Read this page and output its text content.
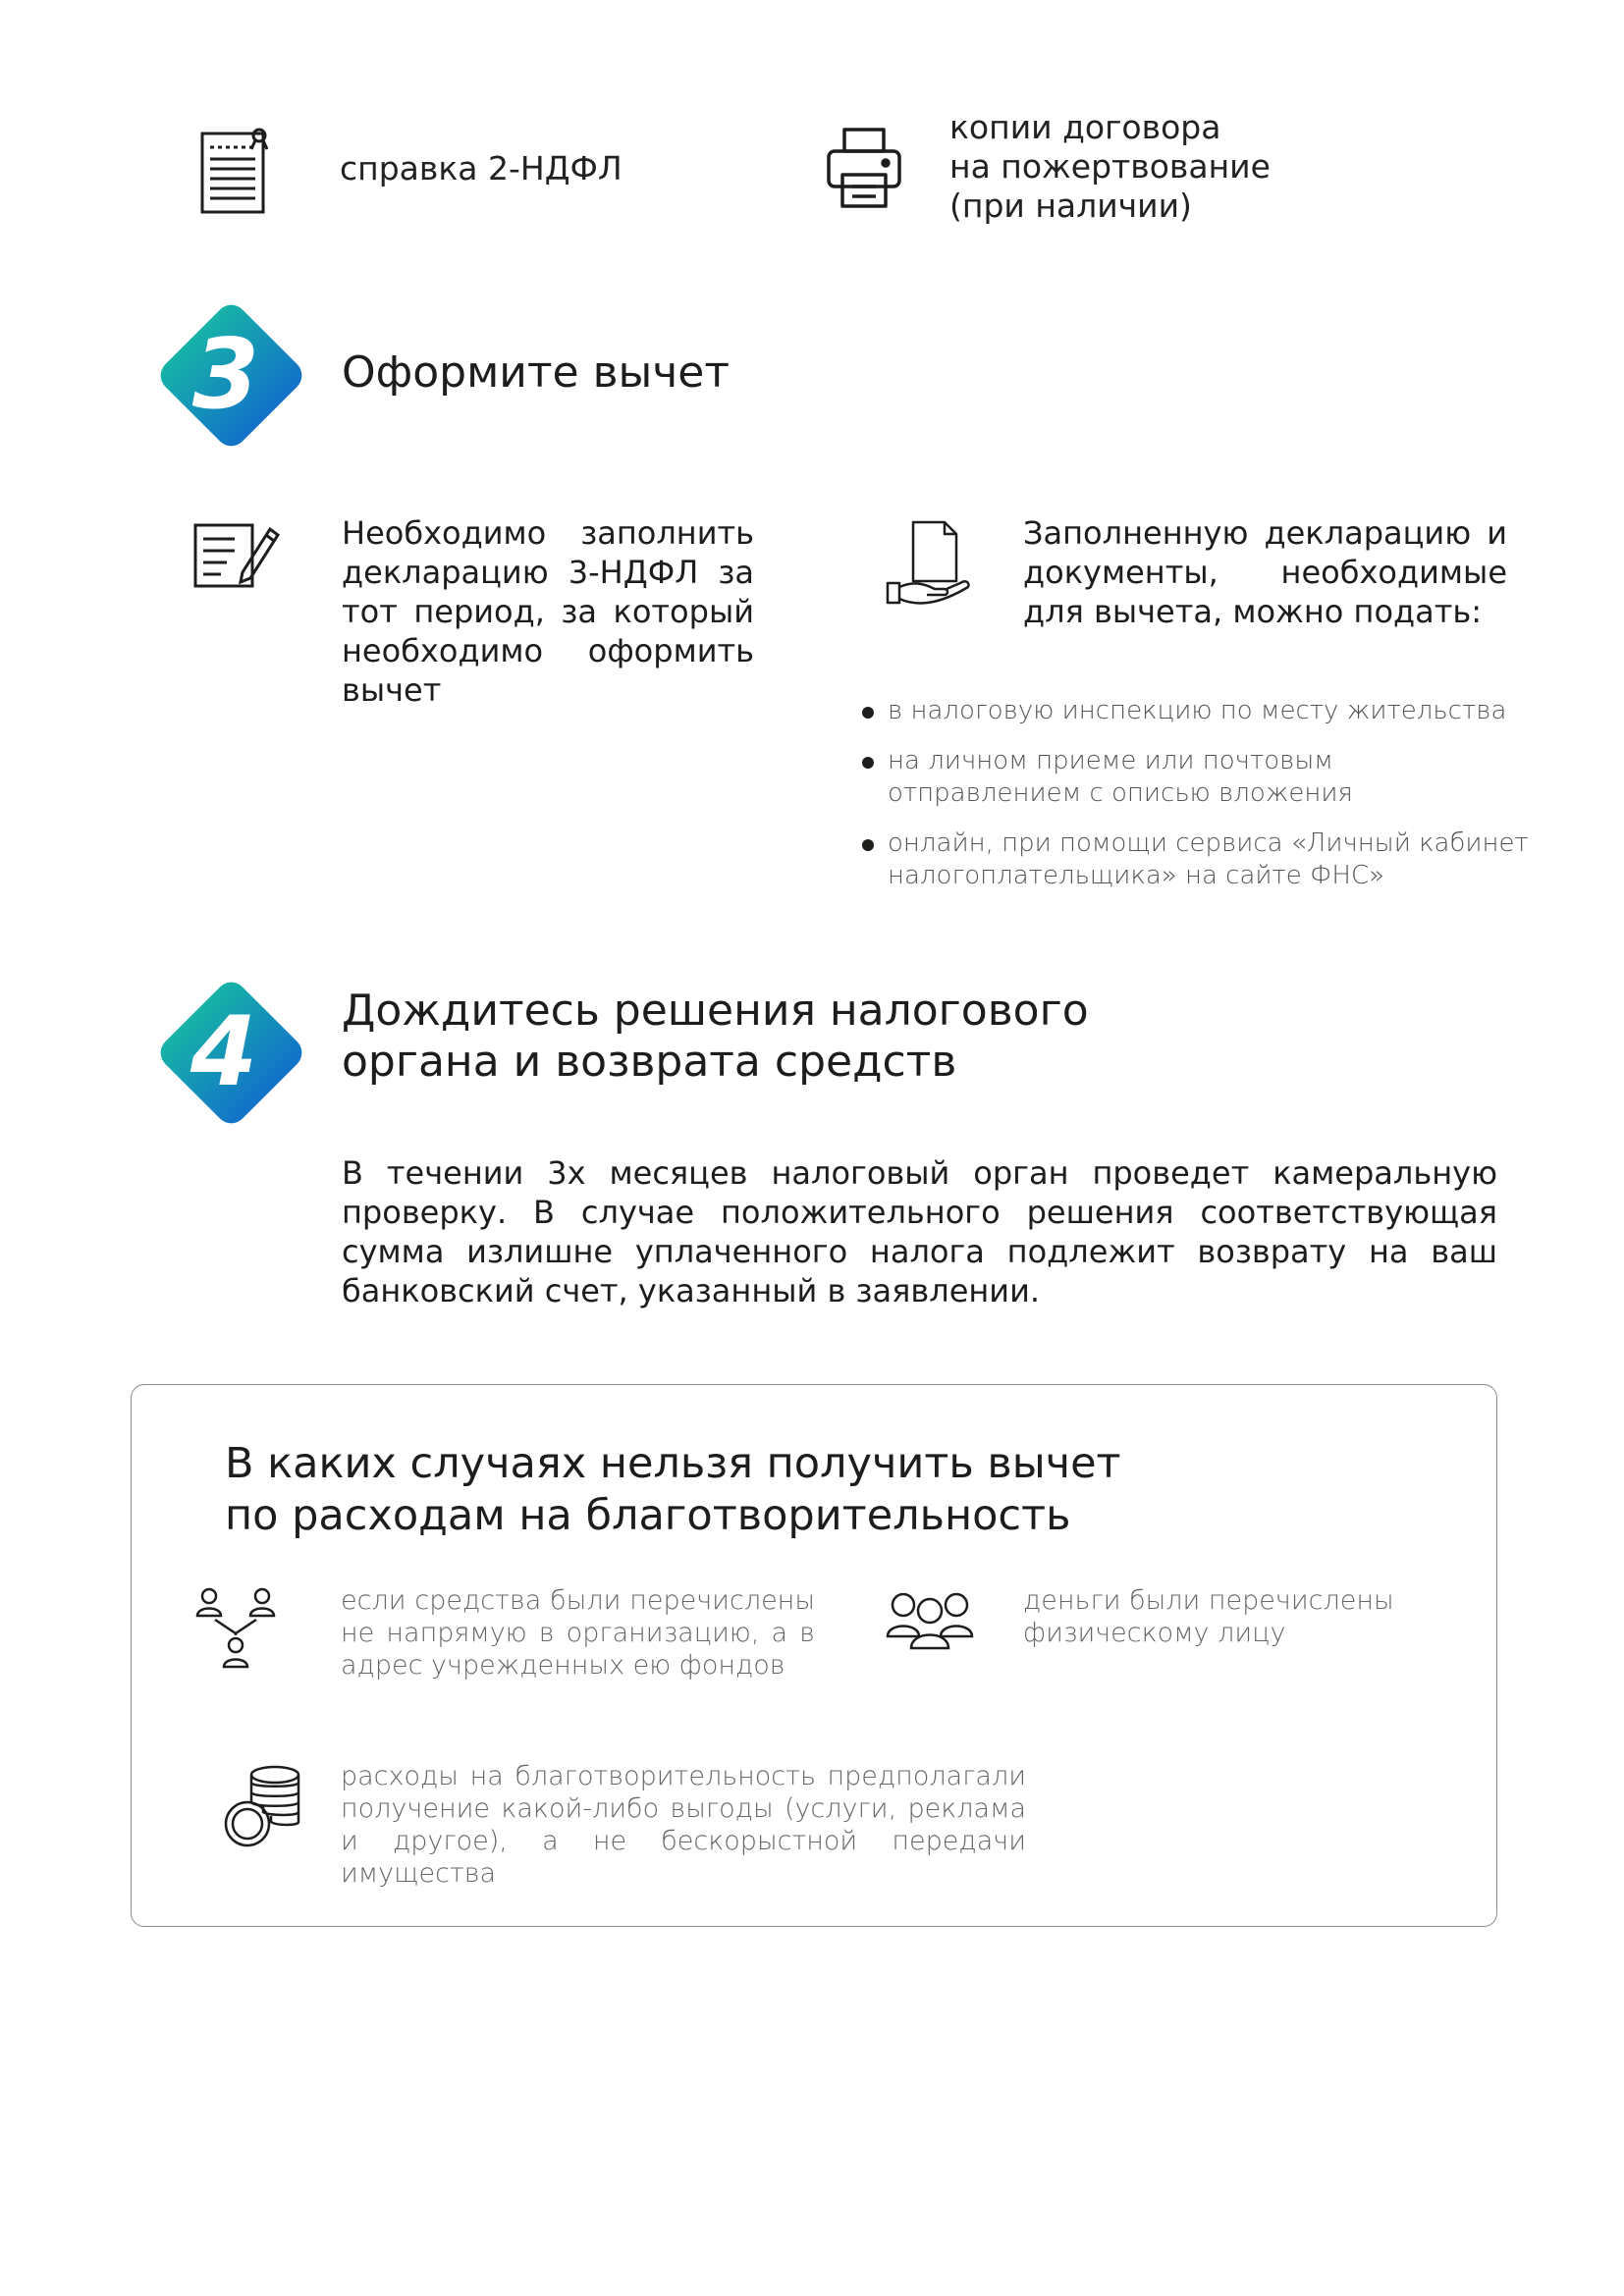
справка 2-НДФЛ
копии договора
на пожертвование
(при наличии)
3 Оформите вычет
Необходимо заполнить декларацию 3-НДФЛ за тот период, за который необходимо оформить вычет
Заполненную декларацию и документы, необходимые для вычета, можно подать:
в налоговую инспекцию по месту жительства
на личном приеме или почтовым отправлением с описью вложения
онлайн, при помощи сервиса «Личный кабинет налогоплательщика» на сайте ФНС»
4 Дождитесь решения налогового
органа и возврата средств
В течении 3х месяцев налоговый орган проведет камеральную проверку. В случае положительного решения соответствующая сумма излишне уплаченного налога подлежит возврату на ваш банковский счет, указанный в заявлении.
В каких случаях нельзя получить вычет
по расходам на благотворительность
если средства были перечислены не напрямую в организацию, а в адрес учрежденных ею фондов
деньги были перечислены физическому лицу
расходы на благотворительность предполагали получение какой-либо выгоды (услуги, реклама и другое), а не бескорыстной передачи имущества
